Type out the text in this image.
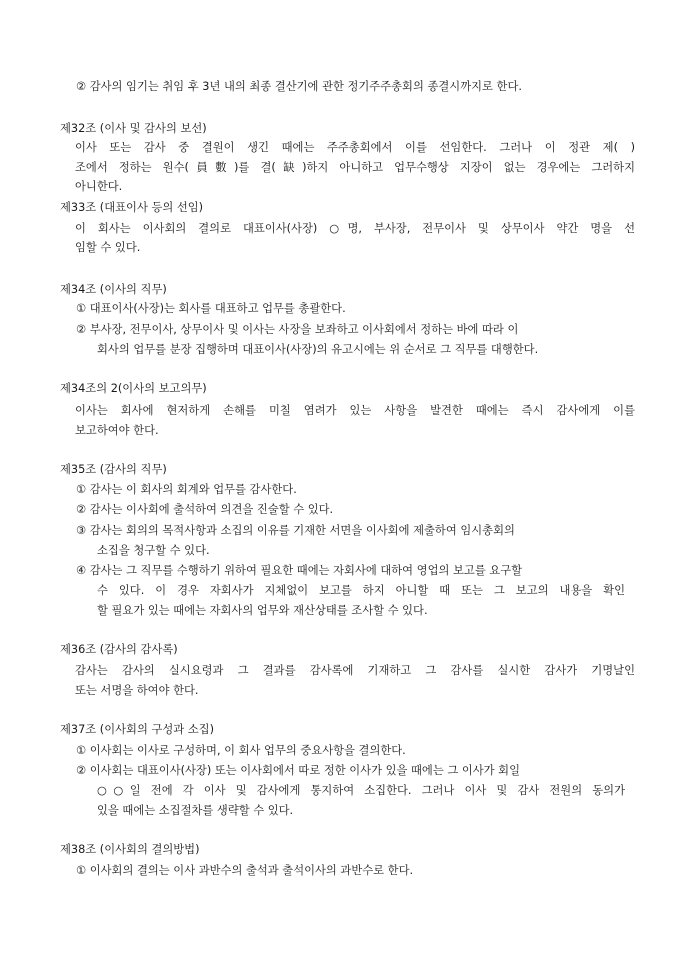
② 감사의 임기는 취임 후 3년 내의 최종 결산기에 관한 정기주주총회의 종결시까지로 한다.
제32조 (이사 및 감사의 보선)
이사 또는 감사 중 결원이 생긴 때에는 주주총회에서 이를 선임한다. 그러나 이 정관 제( )
조에서 정하는 원수(員數)를 결(缺)하지 아니하고 업무수행상 지장이 없는 경우에는 그러하지
아니한다.
제33조 (대표이사 등의 선임)
이 회사는 이사회의 결의로 대표이사(사장) ○명, 부사장, 전무이사 및 상무이사 약간 명을 선
임할 수 있다.
제34조 (이사의 직무)
① 대표이사(사장)는 회사를 대표하고 업무를 총괄한다.
② 부사장, 전무이사, 상무이사 및 이사는 사장을 보좌하고 이사회에서 정하는 바에 따라 이
회사의 업무를 분장 집행하며 대표이사(사장)의 유고시에는 위 순서로 그 직무를 대행한다.
제34조의 2(이사의 보고의무)
이사는 회사에 현저하게 손해를 미칠 염려가 있는 사항을 발견한 때에는 즉시 감사에게 이를
보고하여야 한다.
제35조 (감사의 직무)
① 감사는 이 회사의 회계와 업무를 감사한다.
② 감사는 이사회에 출석하여 의견을 진술할 수 있다.
③ 감사는 회의의 목적사항과 소집의 이유를 기재한 서면을 이사회에 제출하여 임시총회의
소집을 청구할 수 있다.
④ 감사는 그 직무를 수행하기 위하여 필요한 때에는 자회사에 대하여 영업의 보고를 요구할
수 있다. 이 경우 자회사가 지체없이 보고를 하지 아니할 때 또는 그 보고의 내용을 확인
할 필요가 있는 때에는 자회사의 업무와 재산상태를 조사할 수 있다.
제36조 (감사의 감사록)
감사는 감사의 실시요령과 그 결과를 감사록에 기재하고 그 감사를 실시한 감사가 기명날인
또는 서명을 하여야 한다.
제37조 (이사회의 구성과 소집)
① 이사회는 이사로 구성하며, 이 회사 업무의 중요사항을 결의한다.
② 이사회는 대표이사(사장) 또는 이사회에서 따로 정한 이사가 있을 때에는 그 이사가 회일
○○일 전에 각 이사 및 감사에게 통지하여 소집한다. 그러나 이사 및 감사 전원의 동의가
있을 때에는 소집절차를 생략할 수 있다.
제38조 (이사회의 결의방법)
① 이사회의 결의는 이사 과반수의 출석과 출석이사의 과반수로 한다.
